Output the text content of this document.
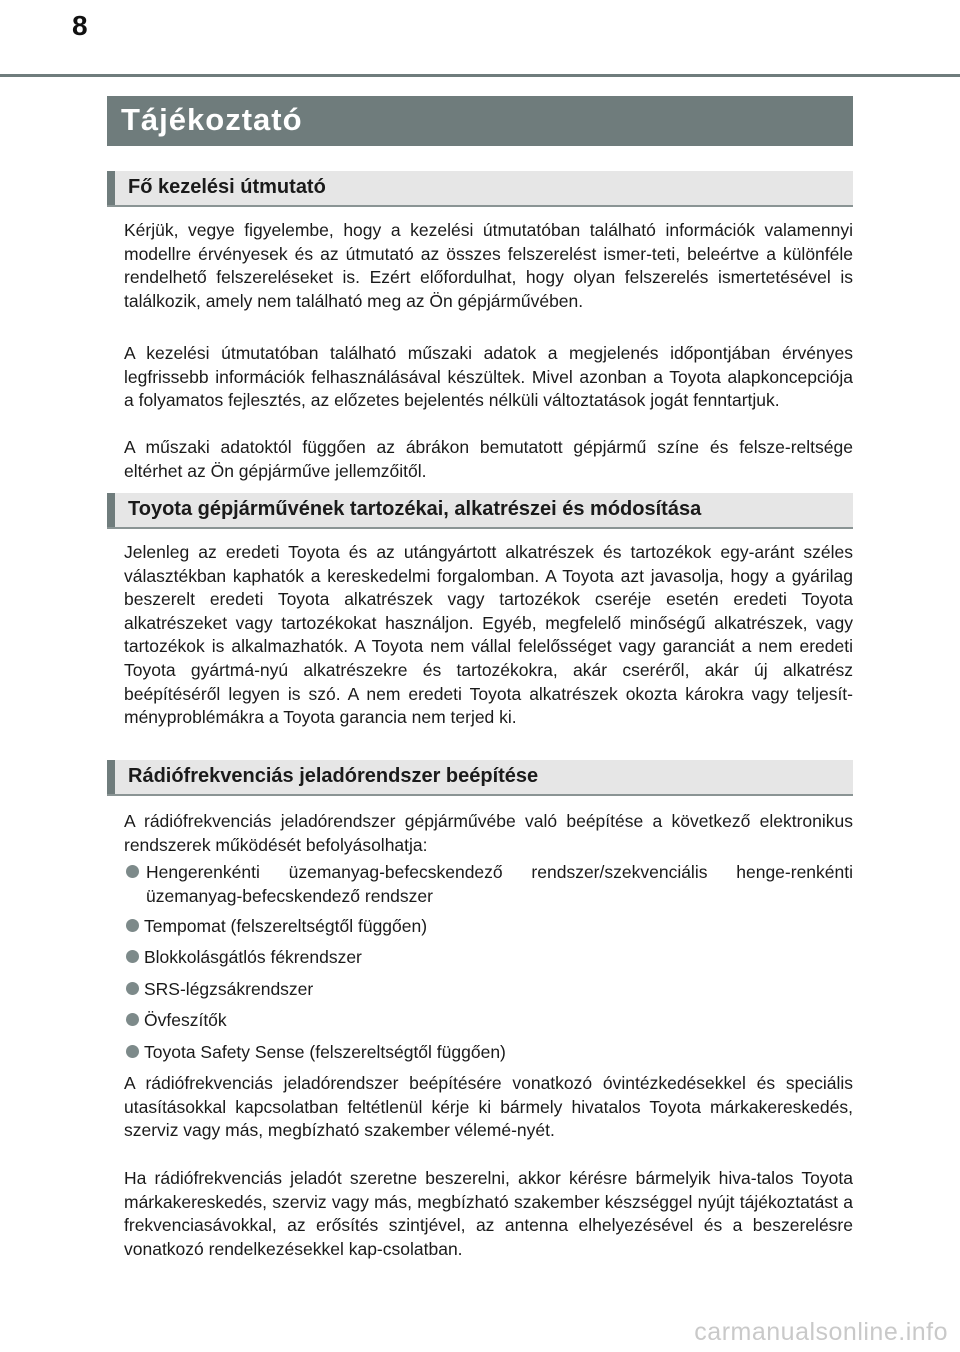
8
Tájékoztató
Fő kezelési útmutató

Kérjük, vegye figyelembe, hogy a kezelési útmutatóban található információk valamennyi modellre érvényesek és az útmutató az összes felszerelést ismer-teti, beleértve a különféle rendelhető felszereléseket is. Ezért előfordulhat, hogy olyan felszerelés ismertetésével is találkozik, amely nem található meg az Ön gépjárművében.

A kezelési útmutatóban található műszaki adatok a megjelenés időpontjában érvényes legfrissebb információk felhasználásával készültek. Mivel azonban a Toyota alapkoncepciója a folyamatos fejlesztés, az előzetes bejelentés nélküli változtatások jogát fenntartjuk.

A műszaki adatoktól függően az ábrákon bemutatott gépjármű színe és felsze-reltsége eltérhet az Ön gépjárműve jellemzőitől.

Toyota gépjárművének tartozékai, alkatrészei és módosítása

Jelenleg az eredeti Toyota és az utángyártott alkatrészek és tartozékok egy-aránt széles választékban kaphatók a kereskedelmi forgalomban. A Toyota azt javasolja, hogy a gyárilag beszerelt eredeti Toyota alkatrészek vagy tartozékok cseréje esetén eredeti Toyota alkatrészeket vagy tartozékokat használjon. Egyéb, megfelelő minőségű alkatrészek, vagy tartozékok is alkalmazhatók. A Toyota nem vállal felelősséget vagy garanciát a nem eredeti Toyota gyártmá-nyú alkatrészekre és tartozékokra, akár cseréről, akár új alkatrész beépítéséről legyen is szó. A nem eredeti Toyota alkatrészek okozta károkra vagy teljesít-ményproblémákra a Toyota garancia nem terjed ki.

Rádiófrekvenciás jeladórendszer beépítése

A rádiófrekvenciás jeladórendszer gépjárművébe való beépítése a következő elektronikus rendszerek működését befolyásolhatja:

Hengerenkénti üzemanyag-befecskendező rendszer/szekvenciális henge-renkénti üzemanyag-befecskendező rendszer
Tempomat (felszereltségtől függően)
Blokkolásgátlós fékrendszer
SRS-légzsákrendszer
Övfeszítők
Toyota Safety Sense (felszereltségtől függően)

A rádiófrekvenciás jeladórendszer beépítésére vonatkozó óvintézkedésekkel és speciális utasításokkal kapcsolatban feltétlenül kérje ki bármely hivatalos Toyota márkakereskedés, szerviz vagy más, megbízható szakember vélemé-nyét.

Ha rádiófrekvenciás jeladót szeretne beszerelni, akkor kérésre bármelyik hiva-talos Toyota márkakereskedés, szerviz vagy más, megbízható szakember készséggel nyújt tájékoztatást a frekvenciasávokkal, az erősítés szintjével, az antenna elhelyezésével és a beszerelésre vonatkozó rendelkezésekkel kap-csolatban.

carmanualsonline.info
